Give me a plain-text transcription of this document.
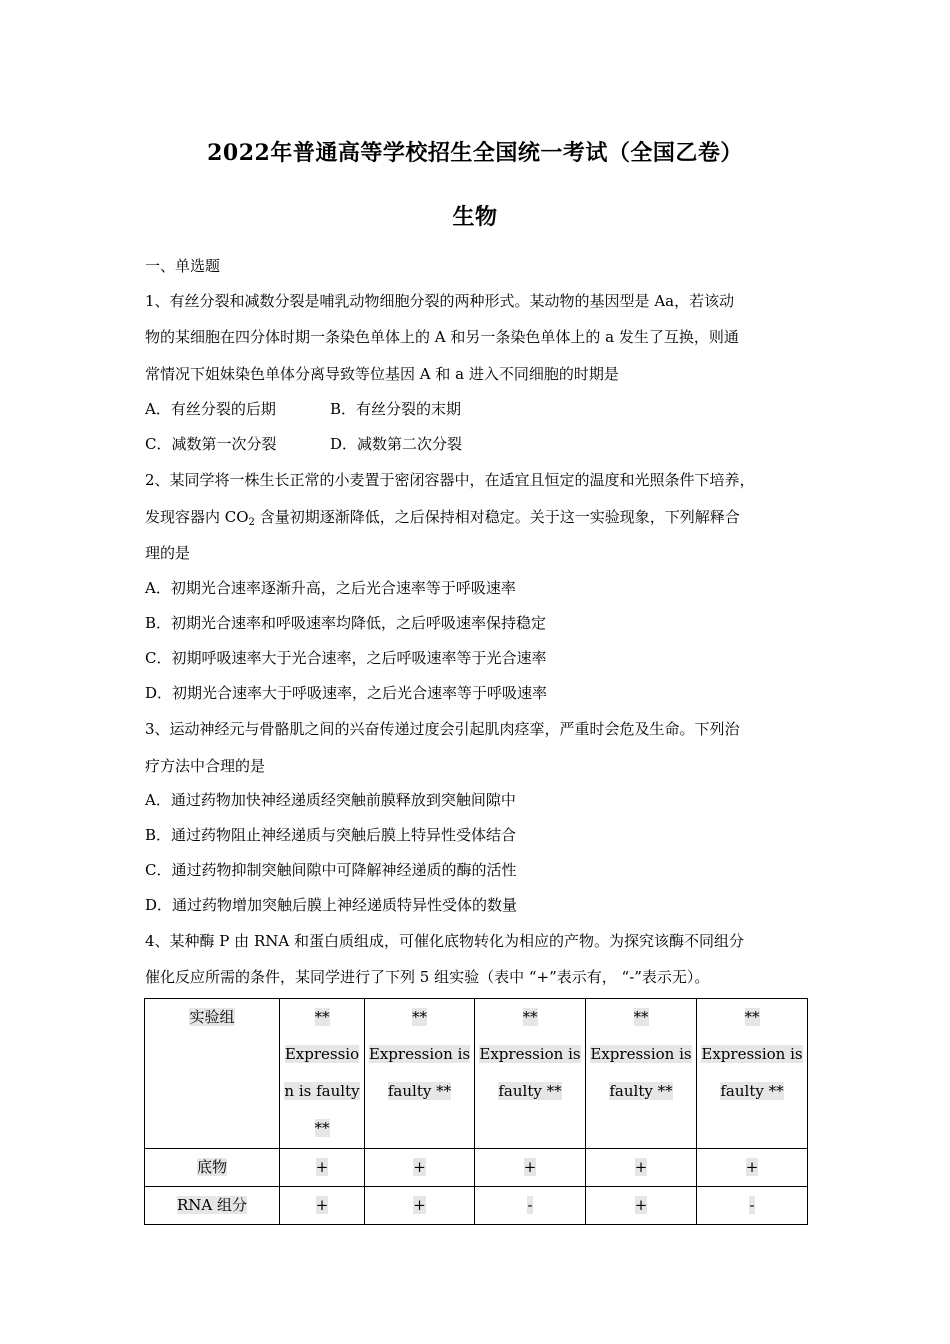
2022年普通高等学校招生全国统一考试（全国乙卷）
生物
一、单选题
1、有丝分裂和减数分裂是哺乳动物细胞分裂的两种形式。某动物的基因型是 Aa，若该动
物的某细胞在四分体时期一条染色单体上的 A 和另一条染色单体上的 a 发生了互换，则通
常情况下姐妹染色单体分离导致等位基因 A 和 a 进入不同细胞的时期是
A．有丝分裂的后期	B．有丝分裂的末期
C．减数第一次分裂	D．减数第二次分裂
2、某同学将一株生长正常的小麦置于密闭容器中，在适宜且恒定的温度和光照条件下培养，
发现容器内 $CO_2$ 含量初期逐渐降低，之后保持相对稳定。关于这一实验现象，下列解释合
理的是
A．初期光合速率逐渐升高，之后光合速率等于呼吸速率
B．初期光合速率和呼吸速率均降低，之后呼吸速率保持稳定
C．初期呼吸速率大于光合速率，之后呼吸速率等于光合速率
D．初期光合速率大于呼吸速率，之后光合速率等于呼吸速率
3、运动神经元与骨骼肌之间的兴奋传递过度会引起肌肉痉挛，严重时会危及生命。下列治
疗方法中合理的是
A．通过药物加快神经递质经突触前膜释放到突触间隙中
B．通过药物阻止神经递质与突触后膜上特异性受体结合
C．通过药物抑制突触间隙中可降解神经递质的酶的活性
D．通过药物增加突触后膜上神经递质特异性受体的数量
4、某种酶 P 由 RNA 和蛋白质组成，可催化底物转化为相应的产物。为探究该酶不同组分
催化反应所需的条件，某同学进行了下列 5 组实验（表中 “+”表示有， “-”表示无）。
实验组	**
Expressio
n is faulty
**	**
Expression is
faulty **	**
Expression is
faulty **	**
Expression is
faulty **	**
Expression is
faulty **
底物	+	+	+	+	+
RNA 组分	+	+	-	+	-
